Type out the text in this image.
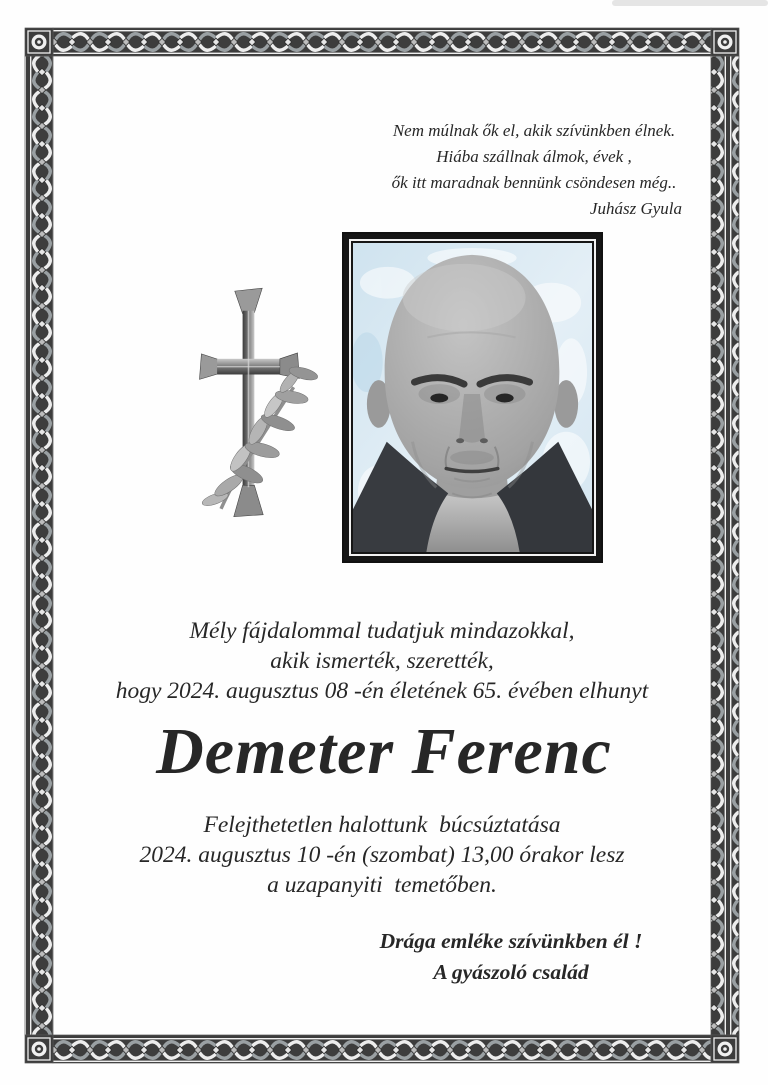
Nem múlnak ők el, akik szívünkben élnek.
Hiába szállnak álmok, évek ,
ők itt maradnak bennünk csöndesen még..
Juhász Gyula
Mély fájdalommal tudatjuk mindazokkal,
akik ismerték, szerették,
hogy 2024. augusztus 08 -én életének 65. évében elhunyt
Demeter Ferenc
Felejthetetlen halottunk  búcsúztatása
2024. augusztus 10 -én (szombat) 13,00 órakor lesz
a uzapanyiti  temetőben.
Drága emléke szívünkben él !
A gyászoló család
